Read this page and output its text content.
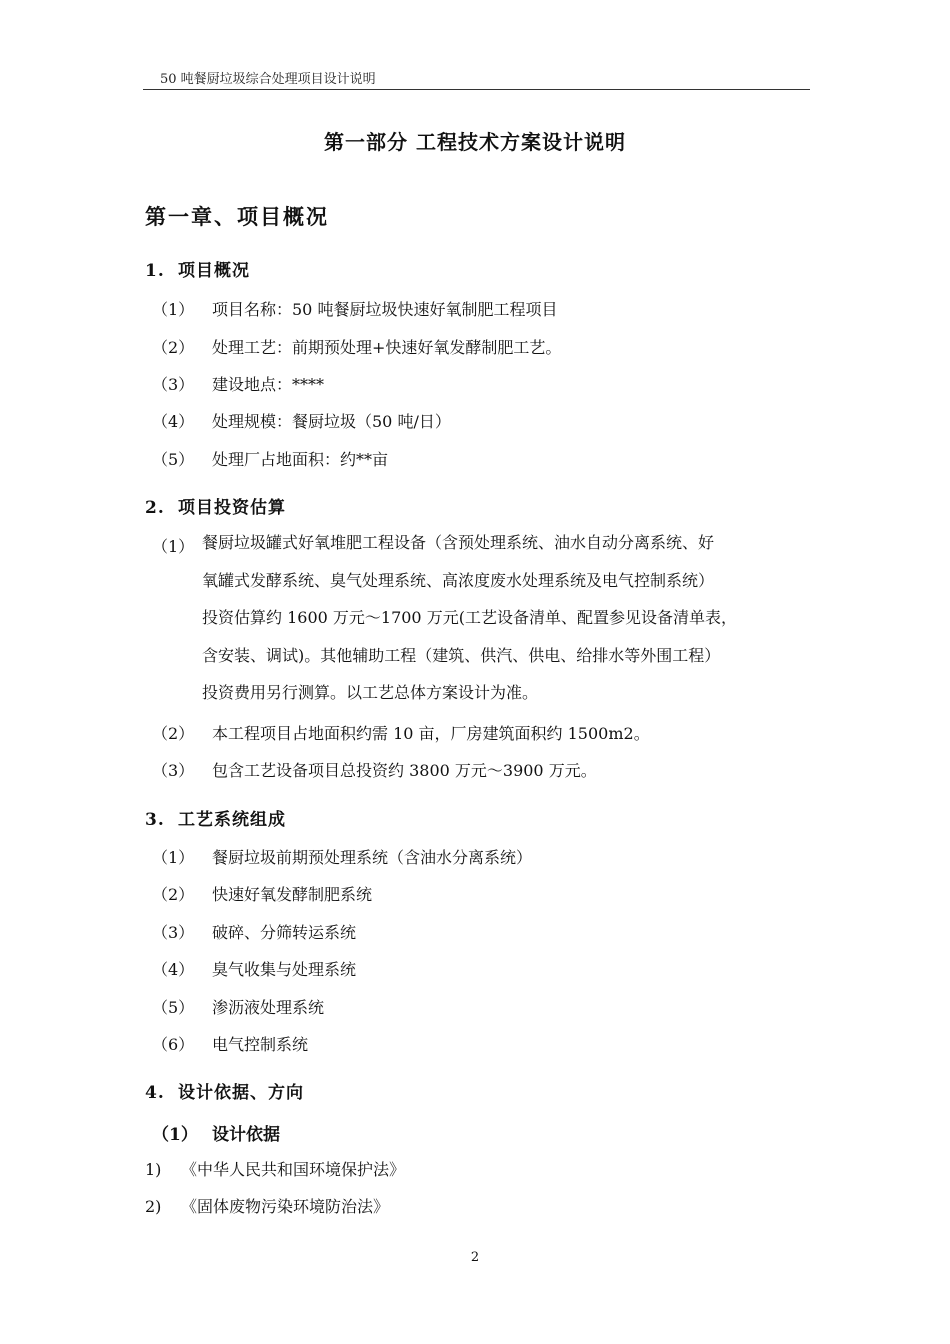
50 吨餐厨垃圾综合处理项目设计说明
第一部分 工程技术方案设计说明
第一章、项目概况
1. 项目概况
（1） 项目名称：50 吨餐厨垃圾快速好氧制肥工程项目
（2） 处理工艺：前期预处理+快速好氧发酵制肥工艺。
（3） 建设地点：****
（4） 处理规模：餐厨垃圾（50 吨/日）
（5） 处理厂占地面积：约**亩
2. 项目投资估算
（1） 餐厨垃圾罐式好氧堆肥工程设备（含预处理系统、油水自动分离系统、好
氧罐式发酵系统、臭气处理系统、高浓度废水处理系统及电气控制系统）
投资估算约 1600 万元～1700 万元(工艺设备清单、配置参见设备清单表，
含安装、调试)。其他辅助工程（建筑、供汽、供电、给排水等外围工程）
投资费用另行测算。以工艺总体方案设计为准。
（2） 本工程项目占地面积约需 10 亩，厂房建筑面积约 1500m2。
（3） 包含工艺设备项目总投资约 3800 万元～3900 万元。
3. 工艺系统组成
（1） 餐厨垃圾前期预处理系统（含油水分离系统）
（2） 快速好氧发酵制肥系统
（3） 破碎、分筛转运系统
（4） 臭气收集与处理系统
（5） 渗沥液处理系统
（6） 电气控制系统
4. 设计依据、方向
（1） 设计依据
1) 《中华人民共和国环境保护法》
2) 《固体废物污染环境防治法》
2
